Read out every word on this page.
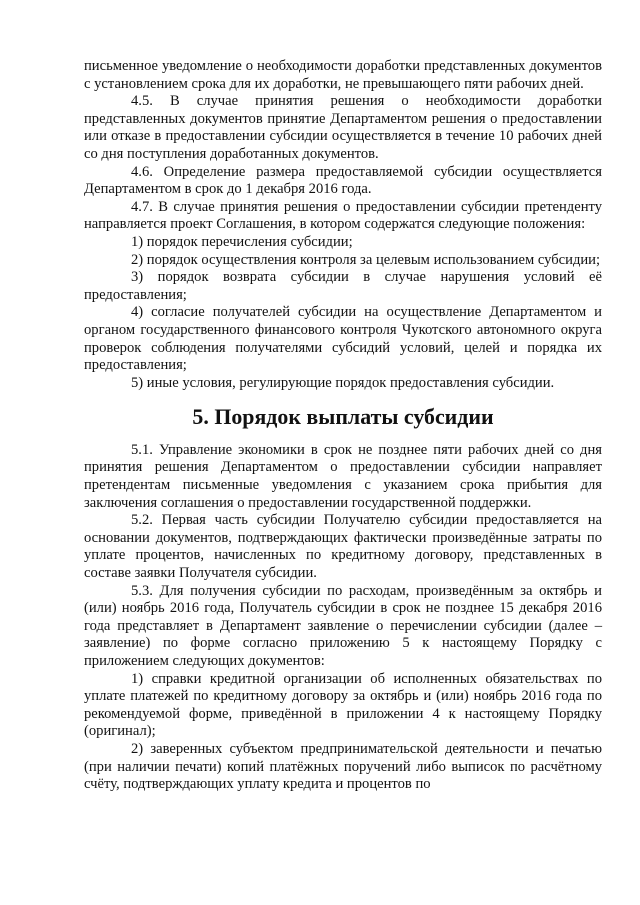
письменное уведомление о необходимости доработки представленных документов с установлением срока для их доработки, не превышающего пяти рабочих дней.

4.5. В случае принятия решения о необходимости доработки представленных документов принятие Департаментом решения о предоставлении или отказе в предоставлении субсидии осуществляется в течение 10 рабочих дней со дня поступления доработанных документов.

4.6. Определение размера предоставляемой субсидии осуществляется Департаментом в срок до 1 декабря 2016 года.

4.7. В случае принятия решения о предоставлении субсидии претенденту направляется проект Соглашения, в котором содержатся следующие положения:

1) порядок перечисления субсидии;

2) порядок осуществления контроля за целевым использованием субсидии;

3) порядок возврата субсидии в случае нарушения условий её предоставления;

4) согласие получателей субсидии на осуществление Департаментом и органом государственного финансового контроля Чукотского автономного округа проверок соблюдения получателями субсидий условий, целей и порядка их предоставления;

5) иные условия, регулирующие порядок предоставления субсидии.

5. Порядок выплаты субсидии

5.1. Управление экономики в срок не позднее пяти рабочих дней со дня принятия решения Департаментом о предоставлении субсидии направляет претендентам письменные уведомления с указанием срока прибытия для заключения соглашения о предоставлении государственной поддержки.

5.2. Первая часть субсидии Получателю субсидии предоставляется на основании документов, подтверждающих фактически произведённые затраты по уплате процентов, начисленных по кредитному договору, представленных в составе заявки Получателя субсидии.

5.3. Для получения субсидии по расходам, произведённым за октябрь и (или) ноябрь 2016 года, Получатель субсидии в срок не позднее 15 декабря 2016 года представляет в Департамент заявление о перечислении субсидии (далее – заявление) по форме согласно приложению 5 к настоящему Порядку с приложением следующих документов:

1) справки кредитной организации об исполненных обязательствах по уплате платежей по кредитному договору за октябрь и (или) ноябрь 2016 года по рекомендуемой форме, приведённой в приложении 4 к настоящему Порядку (оригинал);

2) заверенных субъектом предпринимательской деятельности и печатью (при наличии печати) копий платёжных поручений либо выписок по расчётному счёту, подтверждающих уплату кредита и процентов по
